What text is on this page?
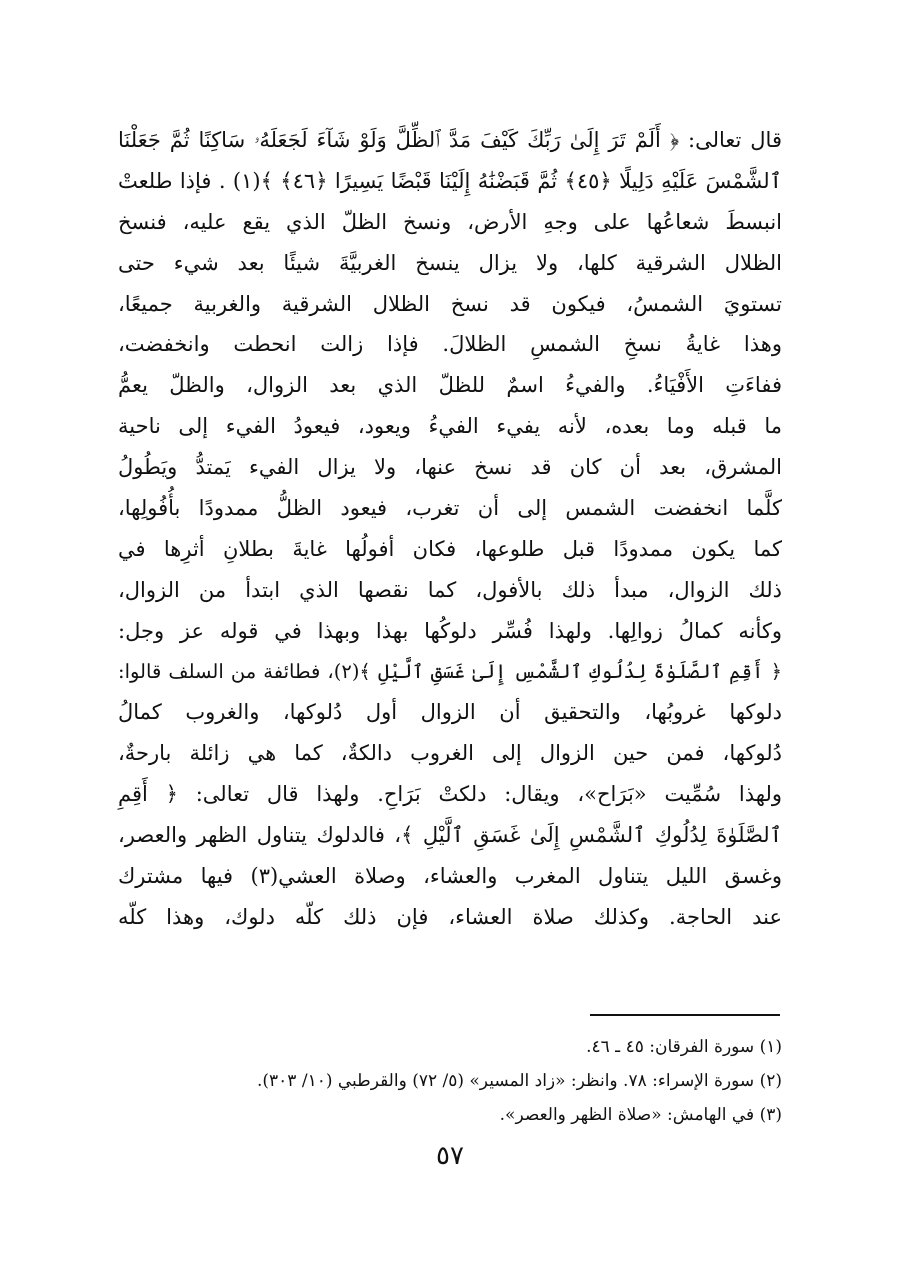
قال تعالى: ﴿ أَلَمْ تَرَ إِلَىٰ رَبِّكَ كَيْفَ مَدَّ ٱلظِّلَّ وَلَوْ شَآءَ لَجَعَلَهُۥ سَاكِنًا ثُمَّ جَعَلْنَا
ٱلشَّمْسَ عَلَيْهِ دَلِيلًا ﴿٤٥﴾ ثُمَّ قَبَضْنَٰهُ إِلَيْنَا قَبْضًا يَسِيرًا ﴿٤٦﴾ ﴾(١) . فإذا طلعتْ
انبسطَ شعاعُها على وجهِ الأرض، ونسخ الظلّ الذي يقع عليه، فنسخ
الظلال الشرقية كلها، ولا يزال ينسخ الغربيَّةَ شيئًا بعد شيء حتى
تستويَ الشمسُ، فيكون قد نسخ الظلال الشرقية والغربية جميعًا،
وهذا غايةُ نسخِ الشمسِ الظلالَ. فإذا زالت انحطت وانخفضت،
ففاءَتِ الأَفْيَاءُ. والفيءُ اسمٌ للظلّ الذي بعد الزوال، والظلّ يعمُّ
ما قبله وما بعده، لأنه يفيء الفيءُ ويعود، فيعودُ الفيء إلى ناحية
المشرق، بعد أن كان قد نسخ عنها، ولا يزال الفيء يَمتدُّ ويَطُولُ
كلَّما انخفضت الشمس إلى أن تغرب، فيعود الظلُّ ممدودًا بأُفُولِها،
كما يكون ممدودًا قبل طلوعها، فكان أفولُها غايةَ بطلانِ أثرِها في
ذلك الزوال، مبدأ ذلك بالأفول، كما نقصها الذي ابتدأ من الزوال،
وكأنه كمالُ زوالِها. ولهذا فُسِّر دلوكُها بهذا وبهذا في قوله عز وجل:
﴿ أَقِمِ ٱلصَّلَوٰةَ لِدُلُوكِ ٱلشَّمْسِ إِلَىٰ غَسَقِ ٱلَّيْلِ ﴾(٢)، فطائفة من السلف قالوا:
دلوكها غروبُها، والتحقيق أن الزوال أول دُلوكها، والغروب كمالُ
دُلوكها، فمن حين الزوال إلى الغروب دالكةٌ، كما هي زائلة بارحةٌ،
ولهذا سُمِّيت «بَرَاح»، ويقال: دلكتْ بَرَاحِ. ولهذا قال تعالى: ﴿ أَقِمِ
ٱلصَّلَوٰةَ لِدُلُوكِ ٱلشَّمْسِ إِلَىٰ غَسَقِ ٱلَّيْلِ ﴾، فالدلوك يتناول الظهر والعصر،
وغسق الليل يتناول المغرب والعشاء، وصلاة العشي(٣) فيها مشترك
عند الحاجة. وكذلك صلاة العشاء، فإن ذلك كلّه دلوك، وهذا كلّه
(١) سورة الفرقان: ٤٥ ـ ٤٦.
(٢) سورة الإسراء: ٧٨. وانظر: «زاد المسير» (٥/ ٧٢) والقرطبي (١٠/ ٣٠٣).
(٣) في الهامش: «صلاة الظهر والعصر».
٥٧
